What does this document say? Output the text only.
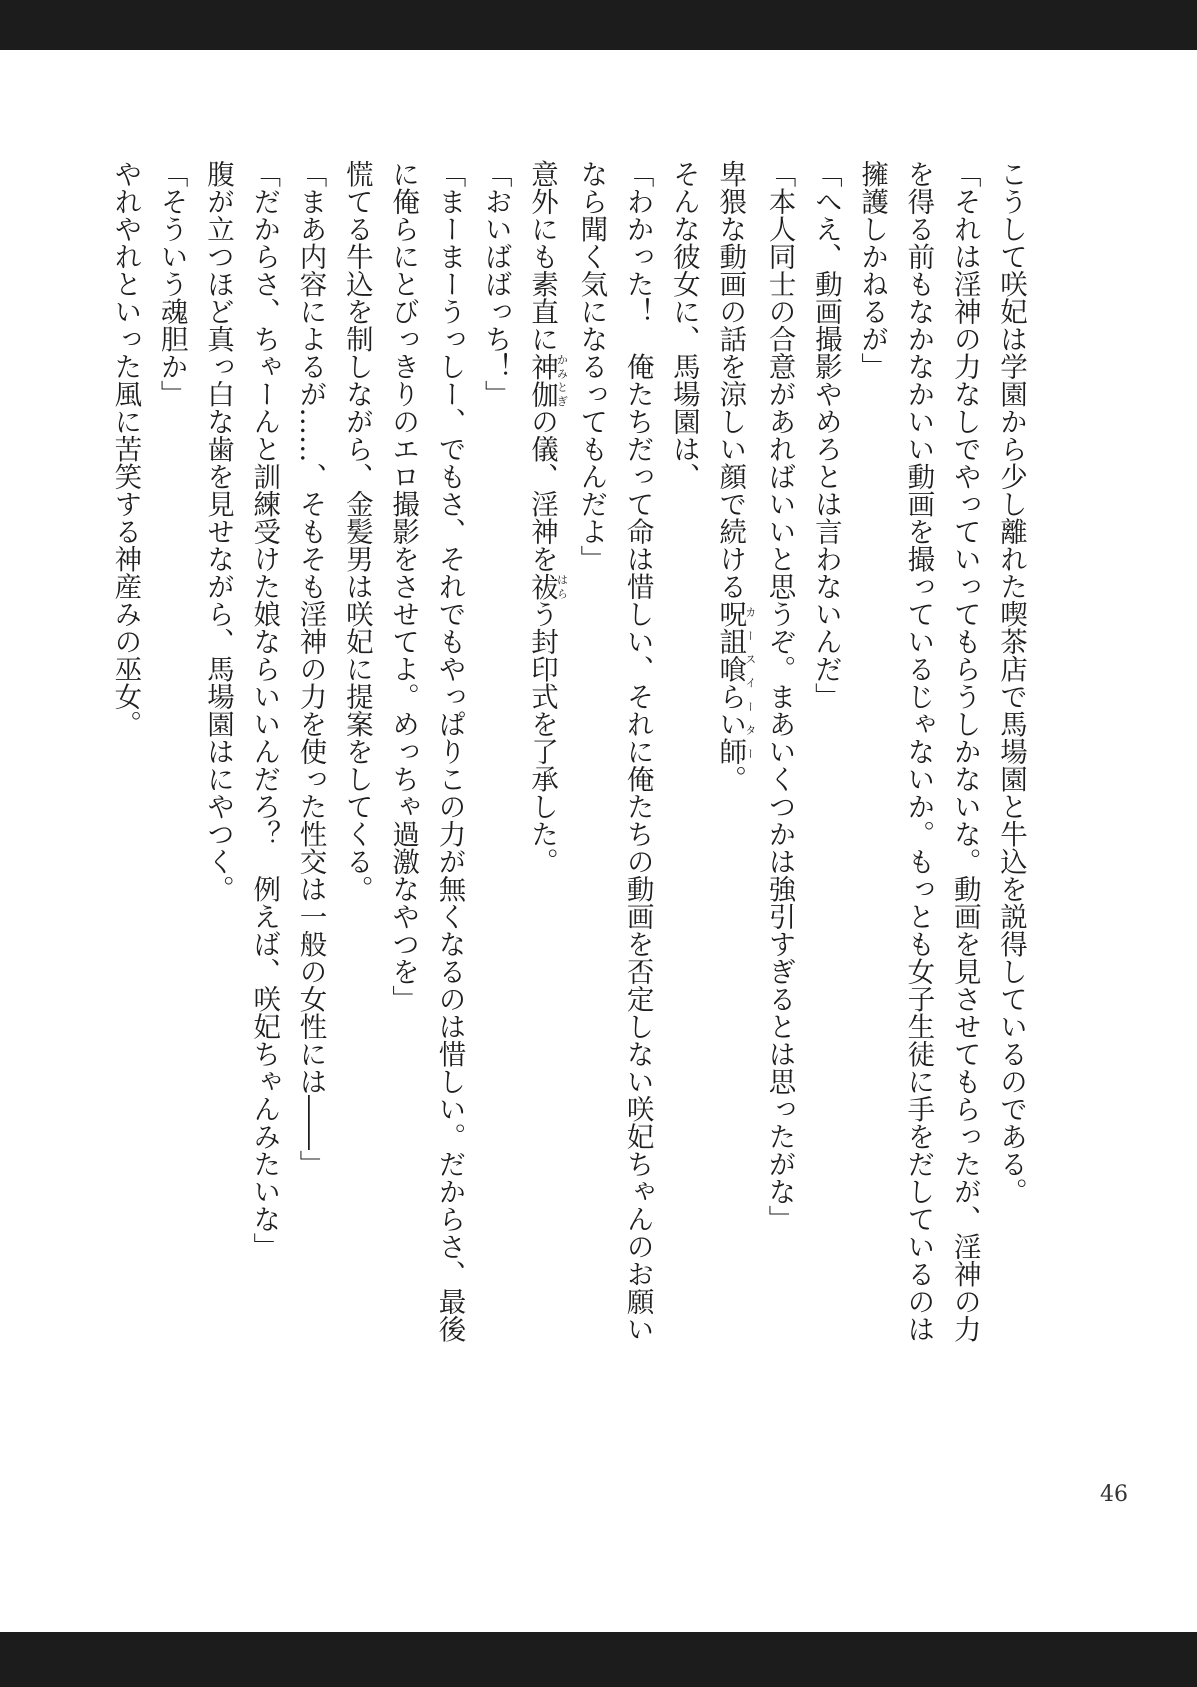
こうして咲妃は学園から少し離れた喫茶店で馬場園と牛込を説得しているのである。

「それは淫神の力なしでやっていってもらうしかないな。動画を見させてもらったが、淫神の力

を得る前もなかなかいい動画を撮っているじゃないか。もっとも女子生徒に手をだしているのは

擁護しかねるが」

「へえ、動画撮影やめろとは言わないんだ」

「本人同士の合意があればいいと思うぞ。まあいくつかは強引すぎるとは思ったがな」

卑猥な動画の話を涼しい顔で続ける呪詛喰らい師カースイーター。

そんな彼女に、馬場園は、

「わかった！　俺たちだって命は惜しい、それに俺たちの動画を否定しない咲妃ちゃんのお願い

なら聞く気になるってもんだよ」

意外にも素直に神伽かみとぎの儀、淫神を祓はらう封印式を了承した。

「おいばばっち！」

「まーまーうっしー、でもさ、それでもやっぱりこの力が無くなるのは惜しい。だからさ、最後

に俺らにとびっきりのエロ撮影をさせてよ。めっちゃ過激なやつを」

慌てる牛込を制しながら、金髪男は咲妃に提案をしてくる。

「まあ内容によるが……、そもそも淫神の力を使った性交は一般の女性には――」

「だからさ、ちゃーんと訓練受けた娘ならいいんだろ？　例えば、咲妃ちゃんみたいな」

腹が立つほど真っ白な歯を見せながら、馬場園はにやつく。

「そういう魂胆か」

やれやれといった風に苦笑する神産みの巫女。

46
